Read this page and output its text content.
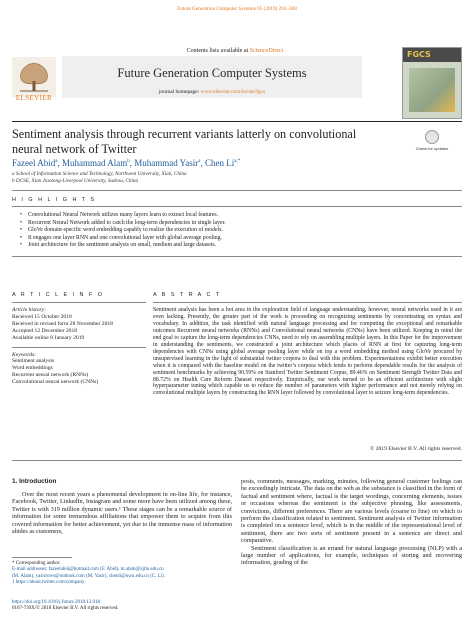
Future Generation Computer Systems 95 (2019) 292–308
Contents lists available at ScienceDirect
Future Generation Computer Systems
journal homepage: www.elsevier.com/locate/fgcs
ELSEVIER
FGCS
Sentiment analysis through recurrent variants latterly on convolutional neural network of Twitter	Check for updates
Fazeel Abid$^a$, Muhammad Alam$^b$, Muhammad Yasir$^a$, Chen $Li^{a,*}$
a School of Information Science and Technology, Northwest University, Xian, China
b DCSE, Xian Jiaotong-Liverpool University, Suzhou, China
H I G H L I G H T S
• Convolutional Neural Network utilizes many layers learn to extract local features.
• Recurrent Neural Network added to catch the long-term dependencies in single layer.
• GloVe domain-specific word embedding capably to realize the execution of models.
• It engages one layer RNN and one convolutional layer with global average pooling.
• Joint architecture for the sentiment analysis on small, medium and large datasets.
A R T I C L E I N F O	A B S T R A C T
Article history:
Received 15 October 2018
Received in revised form 28 November 2018
Accepted 12 December 2018
Available online 8 January 2019
Keywords:
Sentiment analysis
Word embeddings
Recurrent neural network (RNNs)
Convolutional neural network (CNNs)
Sentiment analysis has been a hot area in the exploration field of language understanding, however, neural networks used in it are even lacking. Presently, the greater part of the work is proceeding on recognizing sentiments by concentrating on syntax and vocabulary. In addition, the task identified with natural language processing and for computing the exceptional and remarkable outcomes Recurrent neural networks (RNNs) and Convolutional neural networks (CNNs) have been utilized. Keeping in mind the end goal to capture the long-term dependencies CNNs, need to rely on assembling multiple layers. In this Paper for the improvement in understanding the sentiments, we constructed a joint architecture which places of RNN at first for capturing long-term dependencies with CNNs using global average pooling layer while on top a word embedding method using GloVe procured by unsupervised learning in the light of substantial twitter corpora to deal with this problem. Experimentations exhibit better execution when it is compared with the baseline model on the twitter’s corpora which tends to perform dependable results for the analysis of sentiment benchmarks by achieving 90.59% on Stanford Twitter Sentiment Corpus, 89.46% on Sentiment Strength Twitter Data and 88.72% on Health Care Reform Dataset respectively. Empirically, our work turned to be an efficient architecture with slight hyperparameter tuning which capable us to reduce the number of parameters with higher performance and not merely relying on convolutional multiple layers by constructing the RNN layer followed by convolutional layer to seizure long-term dependencies.
© 2019 Elsevier B.V. All rights reserved.
1. Introduction

Over the most recent years a phenomenal development in on-line life, for instance, Facebook, Twitter, LinkedIn, Instagram and some more have been utilized among these, Twitter is with 319 million dynamic users.¹ These stages can be a remarkable source of information for some tremendous affiliations that empower them to acquire from this covered information for better achievement, yet due to the immense mass of information abides as customers,

posts, comments, messages, marking, minutes, following general customer feelings can be exceedingly intricate. The data on the web as the substance is classified in the form of factual and sentiment where, factual is the target wordings, concerning elements, issues or occasions whereas the sentiment is the subjective phrasing, like assessments, convictions, different preferences. There are various levels (coarse to fine) on which to perform the classification related to sentiment. Sentiment analysis of Twitter information is completed on a sentence level, which is in the middle of the representational level of sentiment, there are two sorts of sentiment present in a sentence are direct and comparative.

Sentiment classification is an errand for natural language processing (NLP) with a large number of applications, for example, techniques of storing and recovering information, grading of the

* Corresponding author.
E-mail addresses: fazeelabid@hotmail.com (F. Abid), m.alam@xjtlu.edu.cn
(M. Alam), yasirrows@outlook.com (M. Yasir), chenli@nwu.edu.cn (C. Li).
1 https://about.twitter.com/company.
https://doi.org/10.1016/j.future.2018.12.018
0167-739X/© 2018 Elsevier B.V. All rights reserved.
